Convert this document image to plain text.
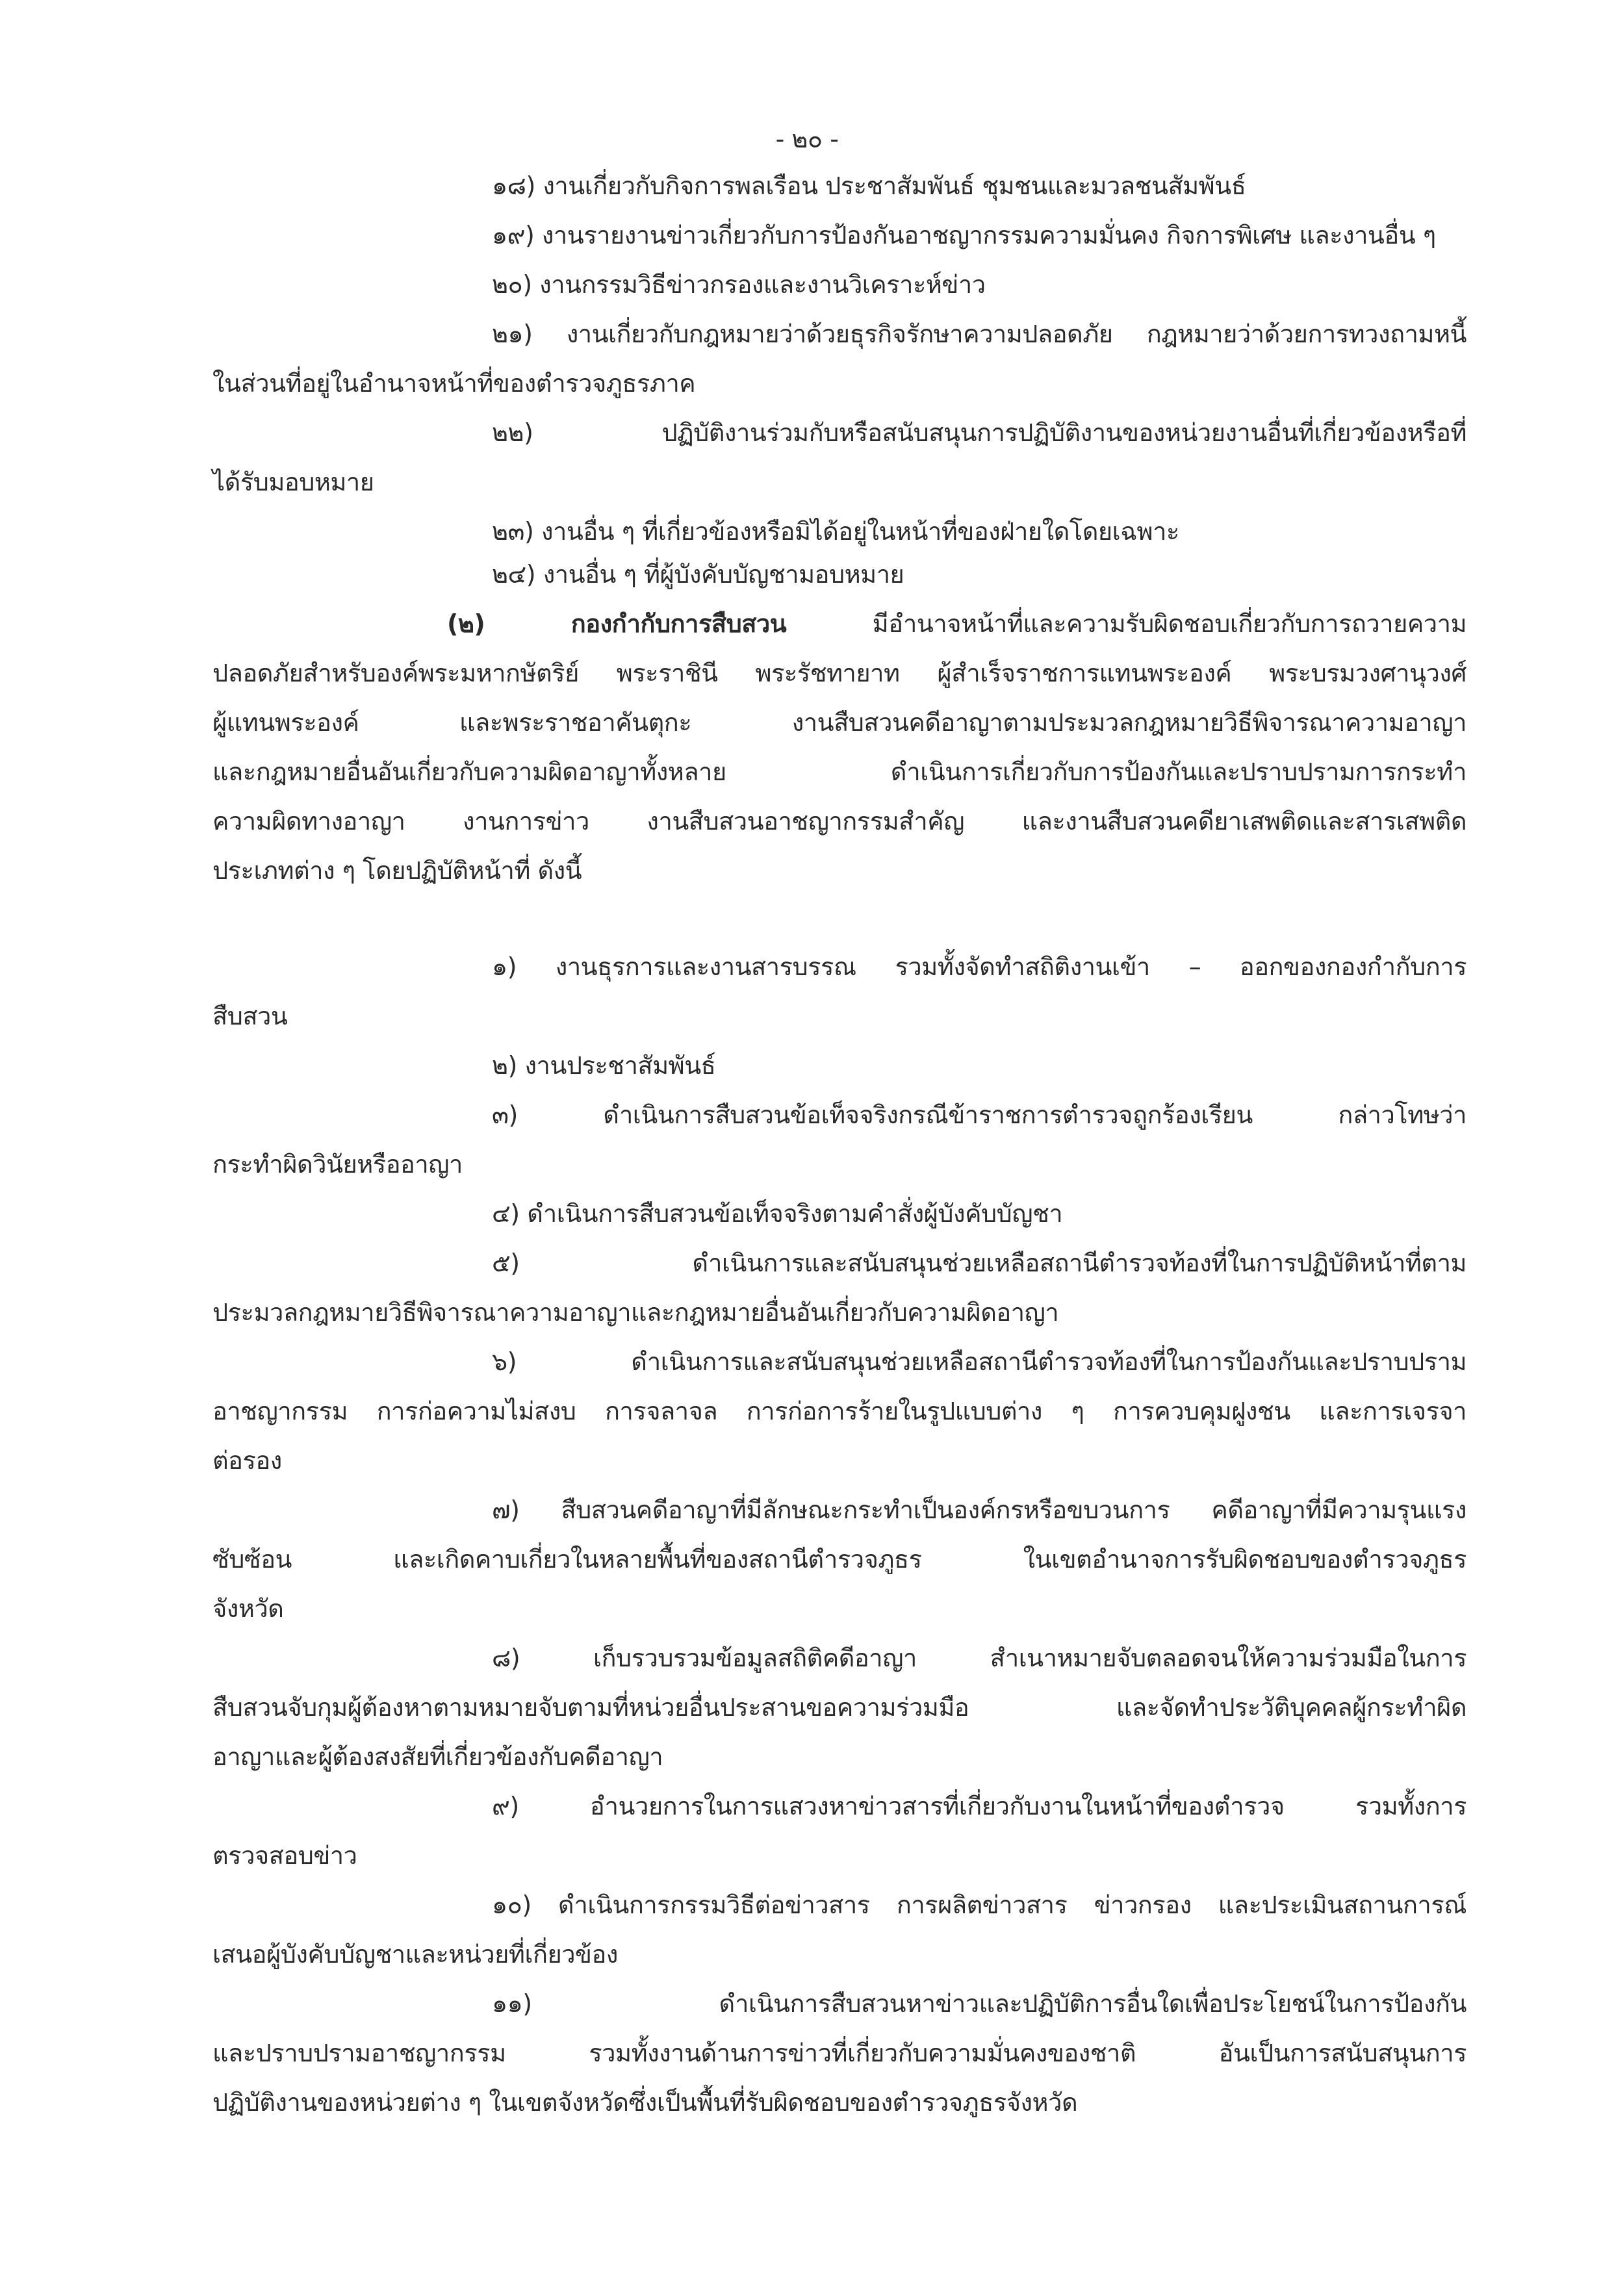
- ๒๐ -
๑๘) งานเกี่ยวกับกิจการพลเรือน ประชาสัมพันธ์ ชุมชนและมวลชนสัมพันธ์
๑๙) งานรายงานข่าวเกี่ยวกับการป้องกันอาชญากรรมความมั่นคง กิจการพิเศษ และงานอื่น ๆ
๒๐) งานกรรมวิธีข่าวกรองและงานวิเคราะห์ข่าว
๒๑) งานเกี่ยวกับกฎหมายว่าด้วยธุรกิจรักษาความปลอดภัย กฎหมายว่าด้วยการทวงถามหนี้
ในส่วนที่อยู่ในอำนาจหน้าที่ของตำรวจภูธรภาค
๒๒)	ปฏิบัติงานร่วมกับหรือสนับสนุนการปฏิบัติงานของหน่วยงานอื่นที่เกี่ยวข้องหรือที่
ได้รับมอบหมาย
๒๓) งานอื่น ๆ ที่เกี่ยวข้องหรือมิได้อยู่ในหน้าที่ของฝ่ายใดโดยเฉพาะ
๒๔) งานอื่น ๆ ที่ผู้บังคับบัญชามอบหมาย
(๒)	กองกำกับการสืบสวน	มีอำนาจหน้าที่และความรับผิดชอบเกี่ยวกับการถวายความ
ปลอดภัยสำหรับองค์พระมหากษัตริย์ พระราชินี พระรัชทายาท ผู้สำเร็จราชการแทนพระองค์ พระบรมวงศานุวงศ์
ผู้แทนพระองค์ และพระราชอาคันตุกะ งานสืบสวนคดีอาญาตามประมวลกฎหมายวิธีพิจารณาความอาญา
และกฎหมายอื่นอันเกี่ยวกับความผิดอาญาทั้งหลาย ดำเนินการเกี่ยวกับการป้องกันและปราบปรามการกระทำ
ความผิดทางอาญา งานการข่าว งานสืบสวนอาชญากรรมสำคัญ และงานสืบสวนคดียาเสพติดและสารเสพติด
ประเภทต่าง ๆ โดยปฏิบัติหน้าที่ ดังนี้
๑) งานธุรการและงานสารบรรณ รวมทั้งจัดทำสถิติงานเข้า – ออกของกองกำกับการ
สืบสวน
๒) งานประชาสัมพันธ์
๓)	ดำเนินการสืบสวนข้อเท็จจริงกรณีข้าราชการตำรวจถูกร้องเรียน กล่าวโทษว่า
กระทำผิดวินัยหรืออาญา
๔) ดำเนินการสืบสวนข้อเท็จจริงตามคำสั่งผู้บังคับบัญชา
๕)	ดำเนินการและสนับสนุนช่วยเหลือสถานีตำรวจท้องที่ในการปฏิบัติหน้าที่ตาม
ประมวลกฎหมายวิธีพิจารณาความอาญาและกฎหมายอื่นอันเกี่ยวกับความผิดอาญา
๖)	ดำเนินการและสนับสนุนช่วยเหลือสถานีตำรวจท้องที่ในการป้องกันและปราบปราม
อาชญากรรม การก่อความไม่สงบ การจลาจล การก่อการร้ายในรูปแบบต่าง ๆ การควบคุมฝูงชน และการเจรจา
ต่อรอง
๗) สืบสวนคดีอาญาที่มีลักษณะกระทำเป็นองค์กรหรือขบวนการ คดีอาญาที่มีความรุนแรง
ซับซ้อน และเกิดคาบเกี่ยวในหลายพื้นที่ของสถานีตำรวจภูธร ในเขตอำนาจการรับผิดชอบของตำรวจภูธร
จังหวัด
๘)	เก็บรวบรวมข้อมูลสถิติคดีอาญา สำเนาหมายจับตลอดจนให้ความร่วมมือในการ
สืบสวนจับกุมผู้ต้องหาตามหมายจับตามที่หน่วยอื่นประสานขอความร่วมมือ และจัดทำประวัติบุคคลผู้กระทำผิด
อาญาและผู้ต้องสงสัยที่เกี่ยวข้องกับคดีอาญา
๙)	อำนวยการในการแสวงหาข่าวสารที่เกี่ยวกับงานในหน้าที่ของตำรวจ รวมทั้งการ
ตรวจสอบข่าว
๑๐) ดำเนินการกรรมวิธีต่อข่าวสาร การผลิตข่าวสาร ข่าวกรอง และประเมินสถานการณ์
เสนอผู้บังคับบัญชาและหน่วยที่เกี่ยวข้อง
๑๑)	ดำเนินการสืบสวนหาข่าวและปฏิบัติการอื่นใดเพื่อประโยชน์ในการป้องกัน
และปราบปรามอาชญากรรม รวมทั้งงานด้านการข่าวที่เกี่ยวกับความมั่นคงของชาติ อันเป็นการสนับสนุนการ
ปฏิบัติงานของหน่วยต่าง ๆ ในเขตจังหวัดซึ่งเป็นพื้นที่รับผิดชอบของตำรวจภูธรจังหวัด
